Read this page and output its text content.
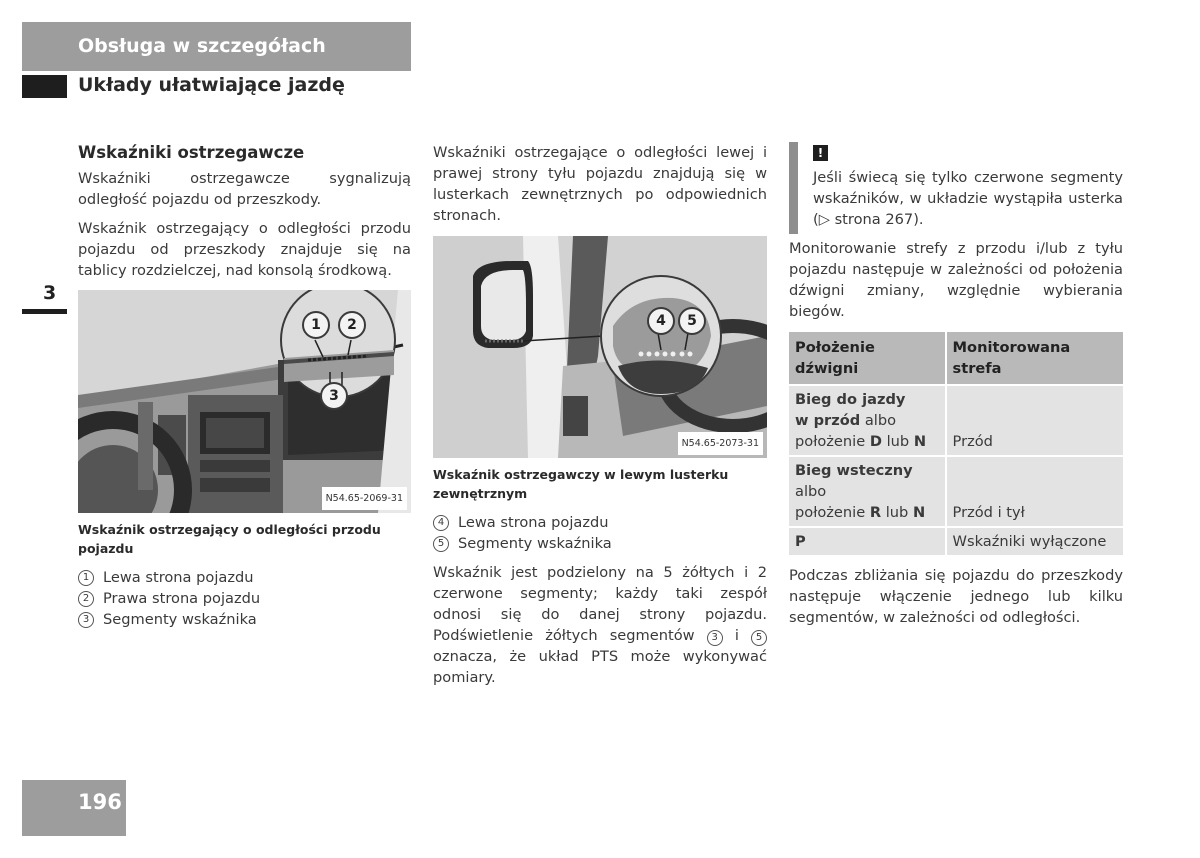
Obsługa w szczegółach
Układy ułatwiające jazdę
3
Wskaźniki ostrzegawcze

Wskaźniki ostrzegawcze sygnalizują odległość pojazdu od przeszkody.

Wskaźnik ostrzegający o odległości przodu pojazdu od przeszkody znajduje się na tablicy rozdzielczej, nad konsolą środkową.

1	2
3
N54.65-2069-31
Wskaźnik ostrzegający o odległości przodu pojazdu
1 Lewa strona pojazdu
2 Prawa strona pojazdu
3 Segmenty wskaźnika

Wskaźniki ostrzegające o odległości lewej i prawej strony tyłu pojazdu znajdują się w lusterkach zewnętrznych po odpowiednich stronach.

4	5
N54.65-2073-31
Wskaźnik ostrzegawczy w lewym lusterku zewnętrznym
4 Lewa strona pojazdu
5 Segmenty wskaźnika

Wskaźnik jest podzielony na 5 żółtych i 2 czerwone segmenty; każdy taki zespół odnosi się do danej strony pojazdu. Podświetlenie żółtych segmentów 3 i 5 oznacza, że układ PTS może wykonywać pomiary.

!

Jeśli świecą się tylko czerwone segmenty wskaźników, w układzie wystąpiła usterka (▷ strona 267).

Monitorowanie strefy z przodu i/lub z tyłu pojazdu następuje w zależności od położenia dźwigni zmiany, względnie wybierania biegów.

Położenie dźwigni	Monitorowana strefa
Bieg do jazdy
w przód albo
położenie D lub N	Przód
Bieg wsteczny albo
położenie R lub N	Przód i tył
P	Wskaźniki wyłączone

Podczas zbliżania się pojazdu do przeszkody następuje włączenie jednego lub kilku segmentów, w zależności od odległości.

196
